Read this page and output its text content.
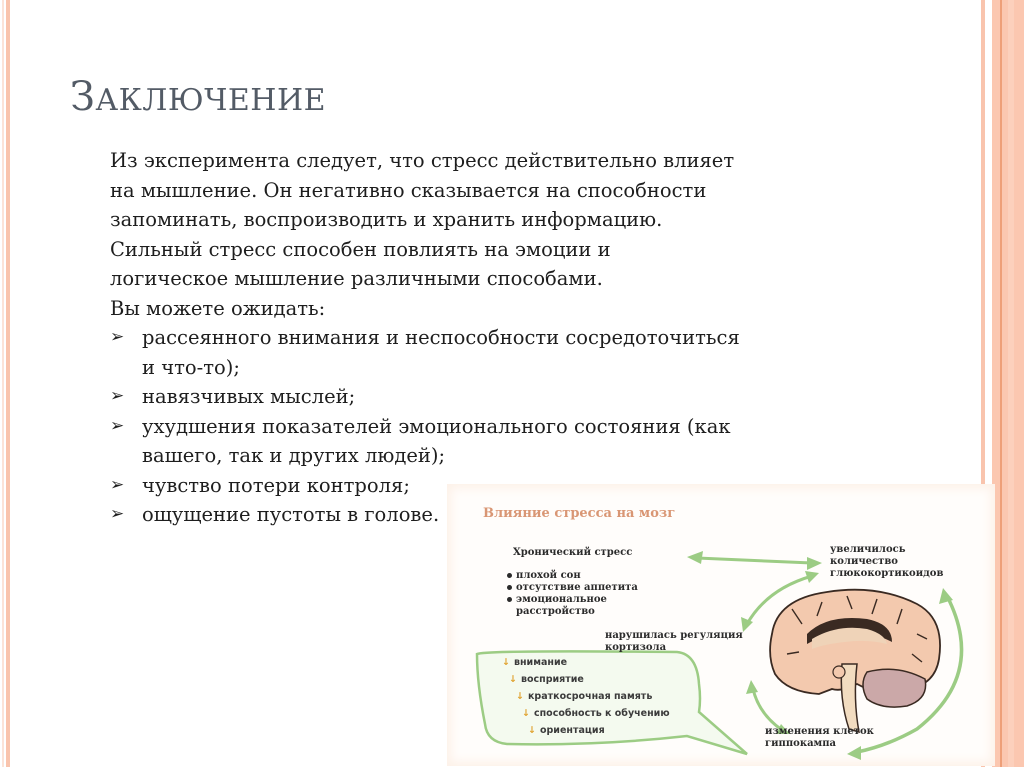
ЗАКЛЮЧЕНИЕ

Из эксперимента следует, что стресс действительно влияет

на мышление. Он негативно сказывается на способности

запоминать, воспроизводить и хранить информацию.

Сильный стресс способен повлиять на эмоции и

логическое мышление различными способами.

Вы можете ожидать:

➢ рассеянного внимания и неспособности сосредоточиться
и что-то);
➢ навязчивых мыслей;
➢ ухудшения показателей эмоционального состояния (как
вашего, так и других людей);
➢ чувство потери контроля;
➢ ощущение пустоты в голове.	Влияние стресса на мозг
Хронический стресс
плохой сон
отсутствие аппетита
эмоциональное
расстройство
увеличилось
количество
глюкокортикоидов
нарушилась регуляция
кортизола
изменения клеток
гиппокампа
↓ внимание
↓ восприятие
↓ краткосрочная память
↓ способность к обучению
↓ ориентация
